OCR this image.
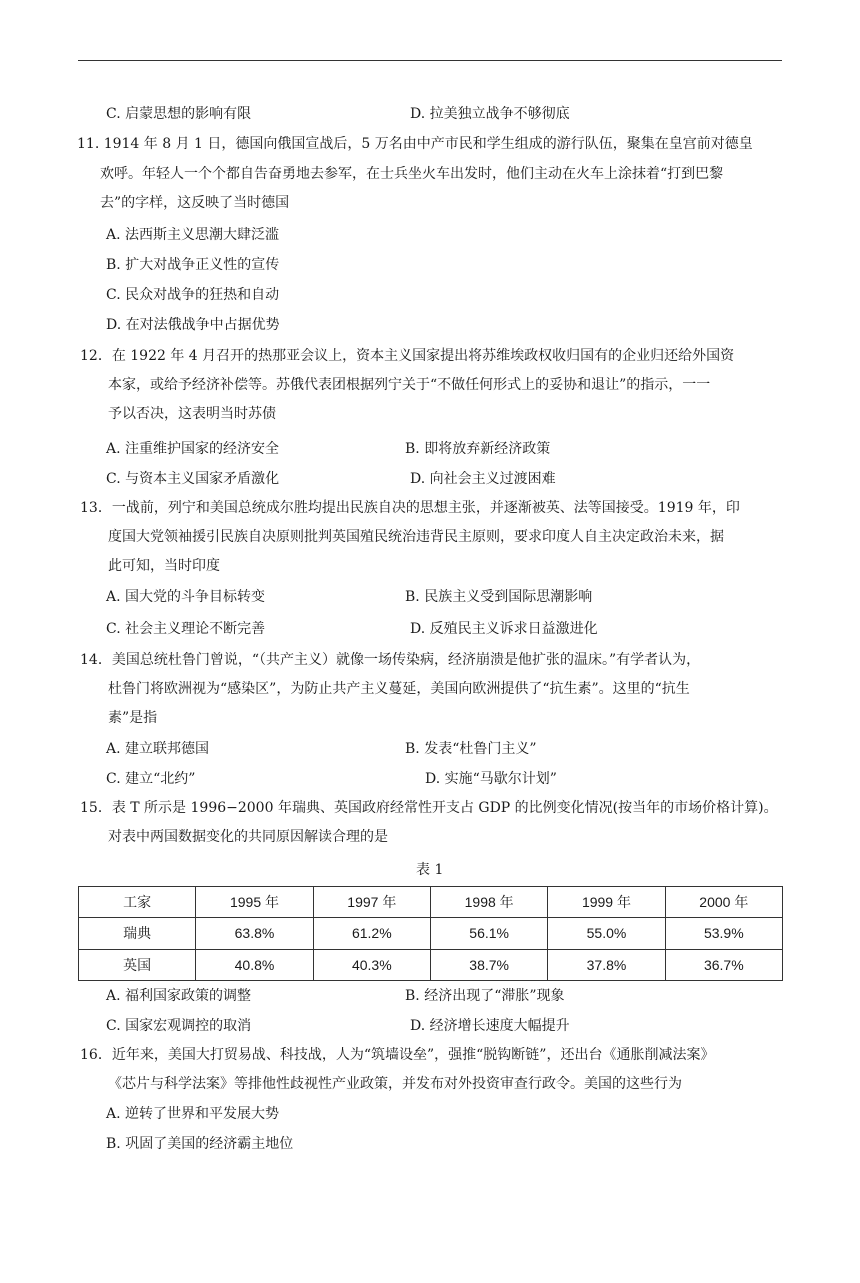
C. 启蒙思想的影响有限	D. 拉美独立战争不够彻底
11. 1914 年 8 月 1 日，德国向俄国宣战后，5 万名由中产市民和学生组成的游行队伍，聚集在皇宫前对德皇
欢呼。年轻人一个个都自告奋勇地去参军，在士兵坐火车出发时，他们主动在火车上涂抹着“打到巴黎
去”的字样，这反映了当时德国
A. 法西斯主义思潮大肆泛滥
B. 扩大对战争正义性的宣传
C. 民众对战争的狂热和自动
D. 在对法俄战争中占据优势
12．在 1922 年 4 月召开的热那亚会议上，资本主义国家提出将苏维埃政权收归国有的企业归还给外国资
本家，或给予经济补偿等。苏俄代表团根据列宁关于“不做任何形式上的妥协和退让”的指示，一一
予以否决，这表明当时苏债
A. 注重维护国家的经济安全	B. 即将放弃新经济政策
C. 与资本主义国家矛盾激化	D. 向社会主义过渡困难
13．一战前，列宁和美国总统成尔胜均提出民族自决的思想主张，并逐渐被英、法等国接受。1919 年，印
度国大党领袖援引民族自决原则批判英国殖民统治违背民主原则，要求印度人自主决定政治未来，据
此可知，当时印度
A. 国大党的斗争目标转变	B. 民族主义受到国际思潮影响
C. 社会主义理论不断完善	D. 反殖民主义诉求日益激进化
14．美国总统杜鲁门曾说，“（共产主义）就像一场传染病，经济崩溃是他扩张的温床。”有学者认为，
杜鲁门将欧洲视为“感染区”，为防止共产主义蔓延，美国向欧洲提供了“抗生素”。这里的“抗生
素”是指
A. 建立联邦德国	B. 发表“杜鲁门主义”
C. 建立“北约”	D. 实施“马歇尔计划”
15．表 T 所示是 1996−2000 年瑞典、英国政府经常性开支占 GDP 的比例变化情况(按当年的市场价格计算)。
对表中两国数据变化的共同原因解读合理的是
表 1
工家	1995 年	1997 年	1998 年	1999 年	2000 年
瑞典	63.8%	61.2%	56.1%	55.0%	53.9%
英国	40.8%	40.3%	38.7%	37.8%	36.7%
A. 福利国家政策的调整	B. 经济出现了“滞胀”现象
C. 国家宏观调控的取消	D. 经济增长速度大幅提升
16．近年来，美国大打贸易战、科技战，人为“筑墙设垒”，强推“脱钩断链”，还出台《通胀削减法案》
《芯片与科学法案》等排他性歧视性产业政策，并发布对外投资审查行政令。美国的这些行为
A. 逆转了世界和平发展大势
B. 巩固了美国的经济霸主地位
